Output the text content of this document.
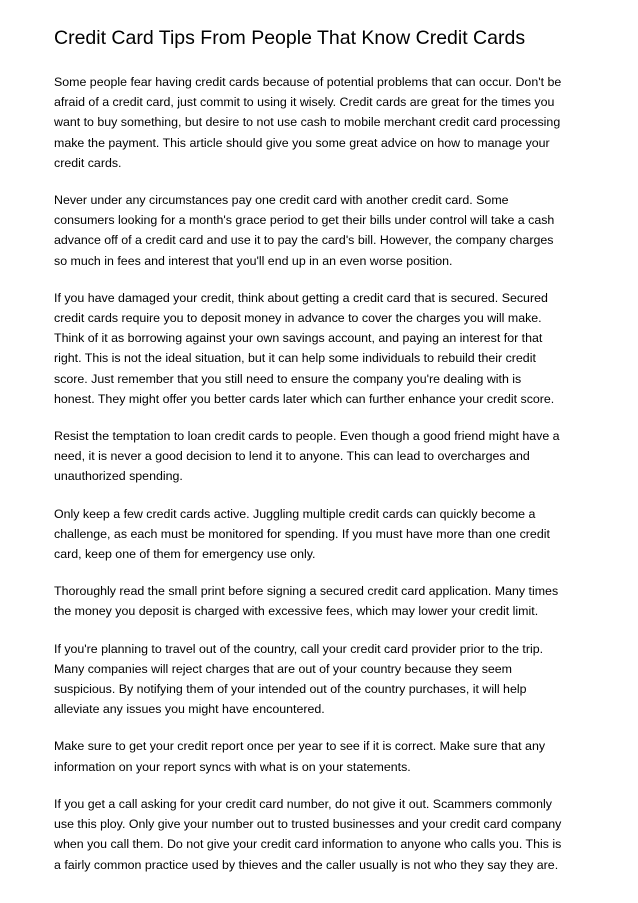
Credit Card Tips From People That Know Credit Cards

Some people fear having credit cards because of potential problems that can occur. Don't be
afraid of a credit card, just commit to using it wisely. Credit cards are great for the times you
want to buy something, but desire to not use cash to mobile merchant credit card processing
make the payment. This article should give you some great advice on how to manage your
credit cards.

Never under any circumstances pay one credit card with another credit card. Some
consumers looking for a month's grace period to get their bills under control will take a cash
advance off of a credit card and use it to pay the card's bill. However, the company charges
so much in fees and interest that you'll end up in an even worse position.

If you have damaged your credit, think about getting a credit card that is secured. Secured
credit cards require you to deposit money in advance to cover the charges you will make.
Think of it as borrowing against your own savings account, and paying an interest for that
right. This is not the ideal situation, but it can help some individuals to rebuild their credit
score. Just remember that you still need to ensure the company you're dealing with is
honest. They might offer you better cards later which can further enhance your credit score.

Resist the temptation to loan credit cards to people. Even though a good friend might have a
need, it is never a good decision to lend it to anyone. This can lead to overcharges and
unauthorized spending.

Only keep a few credit cards active. Juggling multiple credit cards can quickly become a
challenge, as each must be monitored for spending. If you must have more than one credit
card, keep one of them for emergency use only.

Thoroughly read the small print before signing a secured credit card application. Many times
the money you deposit is charged with excessive fees, which may lower your credit limit.

If you're planning to travel out of the country, call your credit card provider prior to the trip.
Many companies will reject charges that are out of your country because they seem
suspicious. By notifying them of your intended out of the country purchases, it will help
alleviate any issues you might have encountered.

Make sure to get your credit report once per year to see if it is correct. Make sure that any
information on your report syncs with what is on your statements.

If you get a call asking for your credit card number, do not give it out. Scammers commonly
use this ploy. Only give your number out to trusted businesses and your credit card company
when you call them. Do not give your credit card information to anyone who calls you. This is
a fairly common practice used by thieves and the caller usually is not who they say they are.
